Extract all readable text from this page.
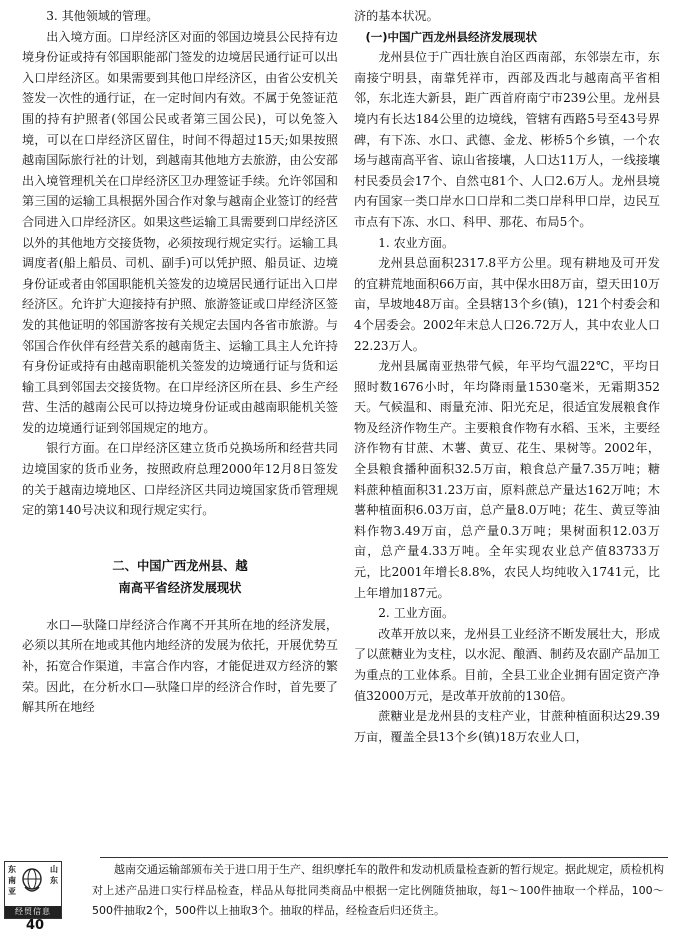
3. 其他领域的管理。

出入境方面。口岸经济区对面的邻国边境县公民持有边境身份证或持有邻国职能部门签发的边境居民通行证可以出入口岸经济区。如果需要到其他口岸经济区，由省公安机关签发一次性的通行证，在一定时间内有效。不属于免签证范围的持有护照者(邻国公民或者第三国公民)，可以免签入境，可以在口岸经济区留住，时间不得超过15天;如果按照越南国际旅行社的计划，到越南其他地方去旅游，由公安部出入境管理机关在口岸经济区卫办理签证手续。允许邻国和第三国的运输工具根据外国合作对象与越南企业签订的经营合同进入口岸经济区。如果这些运输工具需要到口岸经济区以外的其他地方交接货物，必须按现行规定实行。运输工具调度者(船上船员、司机、副手)可以凭护照、船员证、边境身份证或者由邻国职能机关签发的边境居民通行证出入口岸经济区。允许扩大迎接持有护照、旅游签证或口岸经济区签发的其他证明的邻国游客按有关规定去国内各省市旅游。与邻国合作伙伴有经营关系的越南货主、运输工具主人允许持有身份证或持有由越南职能机关签发的边境通行证与货和运输工具到邻国去交接货物。在口岸经济区所在县、乡生产经营、生活的越南公民可以持边境身份证或由越南职能机关签发的边境通行证到邻国规定的地方。

银行方面。在口岸经济区建立货币兑换场所和经营共同边境国家的货币业务，按照政府总理2000年12月8日签发的关于越南边境地区、口岸经济区共同边境国家货币管理规定的第140号决议和现行规定实行。

二、中国广西龙州县、越
南高平省经济发展现状

水口—驮隆口岸经济合作离不开其所在地的经济发展，必须以其所在地或其他内地经济的发展为依托，开展优势互补，拓宽合作渠道，丰富合作内容，才能促进双方经济的繁荣。因此，在分析水口—驮隆口岸的经济合作时，首先要了解其所在地经

济的基本状况。

(一)中国广西龙州县经济发展现状

龙州县位于广西壮族自治区西南部，东邻崇左市，东南接宁明县，南靠凭祥市，西部及西北与越南高平省相邻，东北连大新县，距广西首府南宁市239公里。龙州县境内有长达184公里的边境线，管辖有西路5号至43号界碑，有下冻、水口、武德、金龙、彬桥5个乡镇，一个农场与越南高平省、谅山省接壤，人口达11万人，一线接壤村民委员会17个、自然屯81个、人口2.6万人。龙州县境内有国家一类口岸水口口岸和二类口岸科甲口岸，边民互市点有下冻、水口、科甲、那花、布局5个。

1. 农业方面。

龙州县总面积2317.8平方公里。现有耕地及可开发的宜耕荒地面积66万亩，其中保水田8万亩，望天田10万亩，旱坡地48万亩。全县辖13个乡(镇)，121个村委会和4个居委会。2002年末总人口26.72万人，其中农业人口22.23万人。

龙州县属南亚热带气候，年平均气温22℃，平均日照时数1676小时，年均降雨量1530毫米，无霜期352天。气候温和、雨量充沛、阳光充足，很适宜发展粮食作物及经济作物生产。主要粮食作物有水稻、玉米，主要经济作物有甘蔗、木薯、黄豆、花生、果树等。2002年，全县粮食播种面积32.5万亩，粮食总产量7.35万吨；糖料蔗种植面积31.23万亩，原料蔗总产量达162万吨；木薯种植面积6.03万亩，总产量8.0万吨；花生、黄豆等油料作物3.49万亩，总产量0.3万吨；果树面积12.03万亩，总产量4.33万吨。全年实现农业总产值83733万元，比2001年增长8.8%，农民人均纯收入1741元，比上年增加187元。

2. 工业方面。

改革开放以来，龙州县工业经济不断发展壮大，形成了以蔗糖业为支柱，以水泥、酿酒、制药及农副产品加工为重点的工业体系。目前，全县工业企业拥有固定资产净值32000万元，是改革开放前的130倍。

蔗糖业是龙州县的支柱产业，甘蔗种植面积达29.39万亩，覆盖全县13个乡(镇)18万农业人口，

东	山
南	东
亚
经贸信息

越南交通运输部颁布关于进口用于生产、组织摩托车的散件和发动机质量检查新的暂行规定。据此规定，质检机构对上述产品进口实行样品检查，样品从每批同类商品中根据一定比例随货抽取，每1～100件抽取一个样品，100～500件抽取2个，500件以上抽取3个。抽取的样品，经检查后归还货主。

40
